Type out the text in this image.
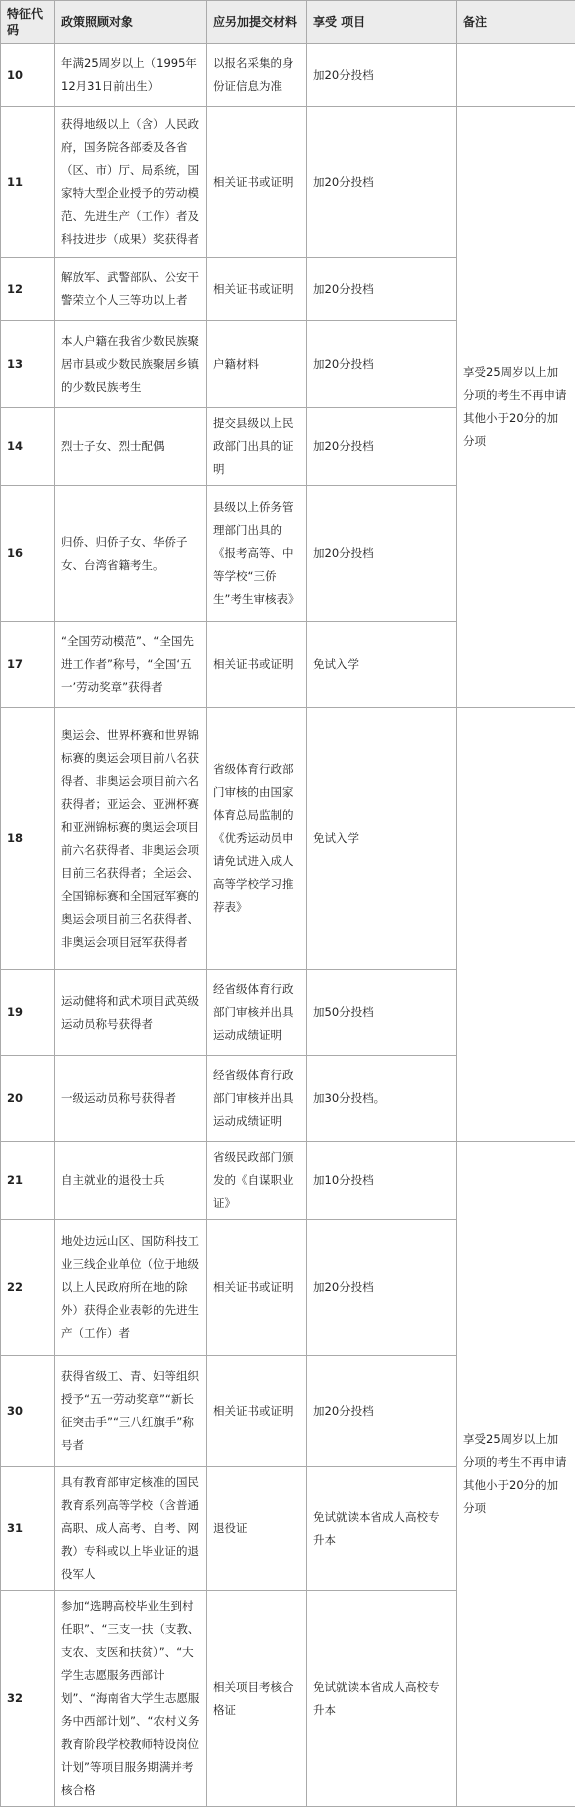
特征代码	政策照顾对象	应另加提交材料	享受 项目	备注
10	年满25周岁以上（1995年12月31日前出生）	以报名采集的身份证信息为准	加20分投档	
11	获得地级以上（含）人民政府，国务院各部委及各省（区、市）厅、局系统，国家特大型企业授予的劳动模范、先进生产（工作）者及科技进步（成果）奖获得者	相关证书或证明	加20分投档	享受25周岁以上加分项的考生不再申请其他小于20分的加分项
12	解放军、武警部队、公安干警荣立个人三等功以上者	相关证书或证明	加20分投档	
13	本人户籍在我省少数民族聚居市县或少数民族聚居乡镇的少数民族考生	户籍材料	加20分投档	
14	烈士子女、烈士配偶	提交县级以上民政部门出具的证明	加20分投档	
16	归侨、归侨子女、华侨子女、台湾省籍考生。	县级以上侨务管理部门出具的《报考高等、中等学校“三侨生”考生审核表》	加20分投档	
17	“全国劳动模范”、“全国先进工作者”称号，“全国‘五一’劳动奖章”获得者	相关证书或证明	免试入学	
18	奥运会、世界杯赛和世界锦标赛的奥运会项目前八名获得者、非奥运会项目前六名获得者；亚运会、亚洲杯赛和亚洲锦标赛的奥运会项目前六名获得者、非奥运会项目前三名获得者；全运会、全国锦标赛和全国冠军赛的奥运会项目前三名获得者、非奥运会项目冠军获得者	省级体育行政部门审核的由国家体育总局监制的《优秀运动员申请免试进入成人高等学校学习推荐表》	免试入学	
19	运动健将和武术项目武英级运动员称号获得者	经省级体育行政部门审核并出具运动成绩证明	加50分投档	
20	一级运动员称号获得者	经省级体育行政部门审核并出具运动成绩证明	加30分投档。	
21	自主就业的退役士兵	省级民政部门颁发的《自谋职业证》	加10分投档	享受25周岁以上加分项的考生不再申请其他小于20分的加分项
22	地处边远山区、国防科技工业三线企业单位（位于地级以上人民政府所在地的除外）获得企业表彰的先进生产（工作）者	相关证书或证明	加20分投档	
30	获得省级工、青、妇等组织授予“五一劳动奖章”“新长征突击手”“三八红旗手”称号者	相关证书或证明	加20分投档	
31	具有教育部审定核准的国民教育系列高等学校（含普通高职、成人高考、自考、网教）专科或以上毕业证的退役军人	退役证	免试就读本省成人高校专升本	
32	参加“选聘高校毕业生到村任职”、“三支一扶（支教、支农、支医和扶贫）”、“大学生志愿服务西部计划”、“海南省大学生志愿服务中西部计划”、“农村义务教育阶段学校教师特设岗位计划”等项目服务期满并考核合格	相关项目考核合格证	免试就读本省成人高校专升本	
